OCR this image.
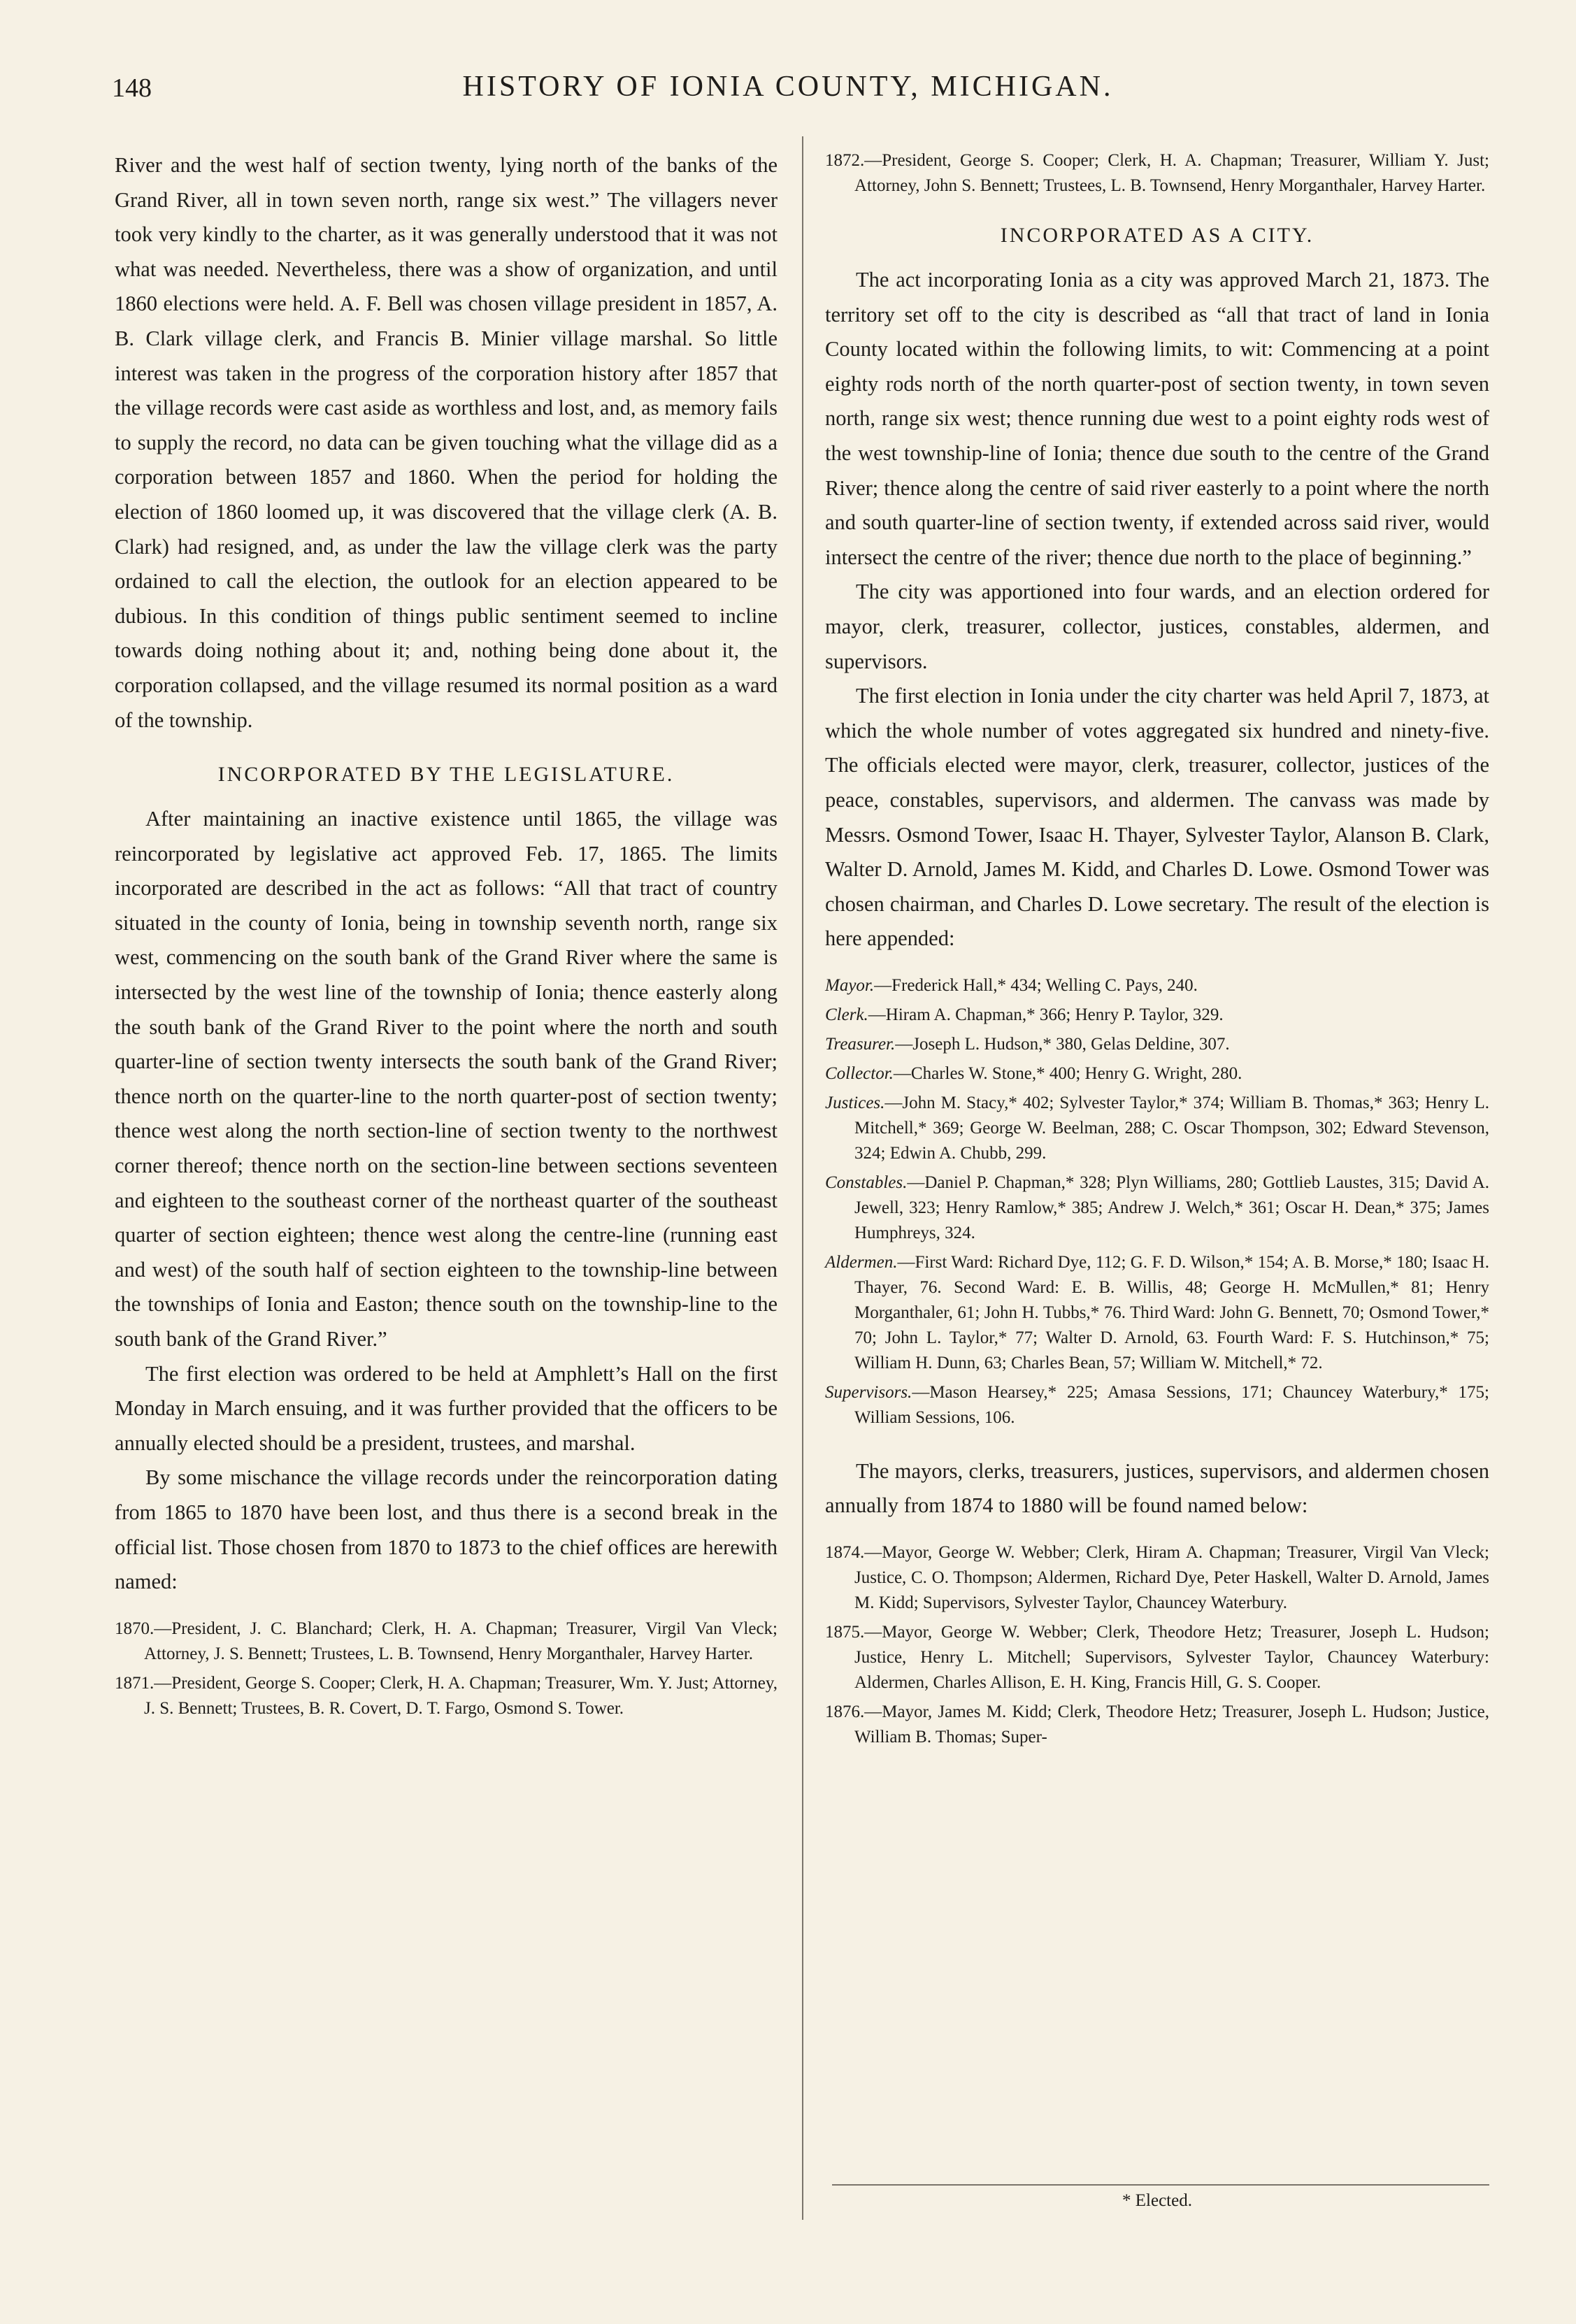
148	HISTORY OF IONIA COUNTY, MICHIGAN.

River and the west half of section twenty, lying north of the banks of the Grand River, all in town seven north, range six west.” The villagers never took very kindly to the charter, as it was generally understood that it was not what was needed. Nevertheless, there was a show of organization, and until 1860 elections were held. A. F. Bell was chosen village president in 1857, A. B. Clark village clerk, and Francis B. Minier village marshal. So little interest was taken in the progress of the corporation history after 1857 that the village records were cast aside as worthless and lost, and, as memory fails to supply the record, no data can be given touching what the village did as a corporation between 1857 and 1860. When the period for holding the election of 1860 loomed up, it was discovered that the village clerk (A. B. Clark) had resigned, and, as under the law the village clerk was the party ordained to call the election, the outlook for an election appeared to be dubious. In this condition of things public sentiment seemed to incline towards doing nothing about it; and, nothing being done about it, the corporation collapsed, and the village resumed its normal position as a ward of the township.

INCORPORATED BY THE LEGISLATURE.

After maintaining an inactive existence until 1865, the village was reincorporated by legislative act approved Feb. 17, 1865. The limits incorporated are described in the act as follows: “All that tract of country situated in the county of Ionia, being in township seventh north, range six west, commencing on the south bank of the Grand River where the same is intersected by the west line of the township of Ionia; thence easterly along the south bank of the Grand River to the point where the north and south quarter-line of section twenty intersects the south bank of the Grand River; thence north on the quarter-line to the north quarter-post of section twenty; thence west along the north section-line of section twenty to the northwest corner thereof; thence north on the section-line between sections seventeen and eighteen to the southeast corner of the northeast quarter of the southeast quarter of section eighteen; thence west along the centre-line (running east and west) of the south half of section eighteen to the township-line between the townships of Ionia and Easton; thence south on the township-line to the south bank of the Grand River.”

The first election was ordered to be held at Amphlett’s Hall on the first Monday in March ensuing, and it was further provided that the officers to be annually elected should be a president, trustees, and marshal.

By some mischance the village records under the reincorporation dating from 1865 to 1870 have been lost, and thus there is a second break in the official list. Those chosen from 1870 to 1873 to the chief offices are herewith named:

1870.—President, J. C. Blanchard; Clerk, H. A. Chapman; Treasurer, Virgil Van Vleck; Attorney, J. S. Bennett; Trustees, L. B. Townsend, Henry Morganthaler, Harvey Harter.

1871.—President, George S. Cooper; Clerk, H. A. Chapman; Treasurer, Wm. Y. Just; Attorney, J. S. Bennett; Trustees, B. R. Covert, D. T. Fargo, Osmond S. Tower.

1872.—President, George S. Cooper; Clerk, H. A. Chapman; Treasurer, William Y. Just; Attorney, John S. Bennett; Trustees, L. B. Townsend, Henry Morganthaler, Harvey Harter.

INCORPORATED AS A CITY.

The act incorporating Ionia as a city was approved March 21, 1873. The territory set off to the city is described as “all that tract of land in Ionia County located within the following limits, to wit: Commencing at a point eighty rods north of the north quarter-post of section twenty, in town seven north, range six west; thence running due west to a point eighty rods west of the west township-line of Ionia; thence due south to the centre of the Grand River; thence along the centre of said river easterly to a point where the north and south quarter-line of section twenty, if extended across said river, would intersect the centre of the river; thence due north to the place of beginning.”

The city was apportioned into four wards, and an election ordered for mayor, clerk, treasurer, collector, justices, constables, aldermen, and supervisors.

The first election in Ionia under the city charter was held April 7, 1873, at which the whole number of votes aggregated six hundred and ninety-five. The officials elected were mayor, clerk, treasurer, collector, justices of the peace, constables, supervisors, and aldermen. The canvass was made by Messrs. Osmond Tower, Isaac H. Thayer, Sylvester Taylor, Alanson B. Clark, Walter D. Arnold, James M. Kidd, and Charles D. Lowe. Osmond Tower was chosen chairman, and Charles D. Lowe secretary. The result of the election is here appended:

Mayor.—Frederick Hall,* 434; Welling C. Pays, 240.

Clerk.—Hiram A. Chapman,* 366; Henry P. Taylor, 329.

Treasurer.—Joseph L. Hudson,* 380, Gelas Deldine, 307.

Collector.—Charles W. Stone,* 400; Henry G. Wright, 280.

Justices.—John M. Stacy,* 402; Sylvester Taylor,* 374; William B. Thomas,* 363; Henry L. Mitchell,* 369; George W. Beelman, 288; C. Oscar Thompson, 302; Edward Stevenson, 324; Edwin A. Chubb, 299.

Constables.—Daniel P. Chapman,* 328; Plyn Williams, 280; Gottlieb Laustes, 315; David A. Jewell, 323; Henry Ramlow,* 385; Andrew J. Welch,* 361; Oscar H. Dean,* 375; James Humphreys, 324.

Aldermen.—First Ward: Richard Dye, 112; G. F. D. Wilson,* 154; A. B. Morse,* 180; Isaac H. Thayer, 76. Second Ward: E. B. Willis, 48; George H. McMullen,* 81; Henry Morganthaler, 61; John H. Tubbs,* 76. Third Ward: John G. Bennett, 70; Osmond Tower,* 70; John L. Taylor,* 77; Walter D. Arnold, 63. Fourth Ward: F. S. Hutchinson,* 75; William H. Dunn, 63; Charles Bean, 57; William W. Mitchell,* 72.

Supervisors.—Mason Hearsey,* 225; Amasa Sessions, 171; Chauncey Waterbury,* 175; William Sessions, 106.

The mayors, clerks, treasurers, justices, supervisors, and aldermen chosen annually from 1874 to 1880 will be found named below:

1874.—Mayor, George W. Webber; Clerk, Hiram A. Chapman; Treasurer, Virgil Van Vleck; Justice, C. O. Thompson; Aldermen, Richard Dye, Peter Haskell, Walter D. Arnold, James M. Kidd; Supervisors, Sylvester Taylor, Chauncey Waterbury.

1875.—Mayor, George W. Webber; Clerk, Theodore Hetz; Treasurer, Joseph L. Hudson; Justice, Henry L. Mitchell; Supervisors, Sylvester Taylor, Chauncey Waterbury: Aldermen, Charles Allison, E. H. King, Francis Hill, G. S. Cooper.

1876.—Mayor, James M. Kidd; Clerk, Theodore Hetz; Treasurer, Joseph L. Hudson; Justice, William B. Thomas; Super-

* Elected.
